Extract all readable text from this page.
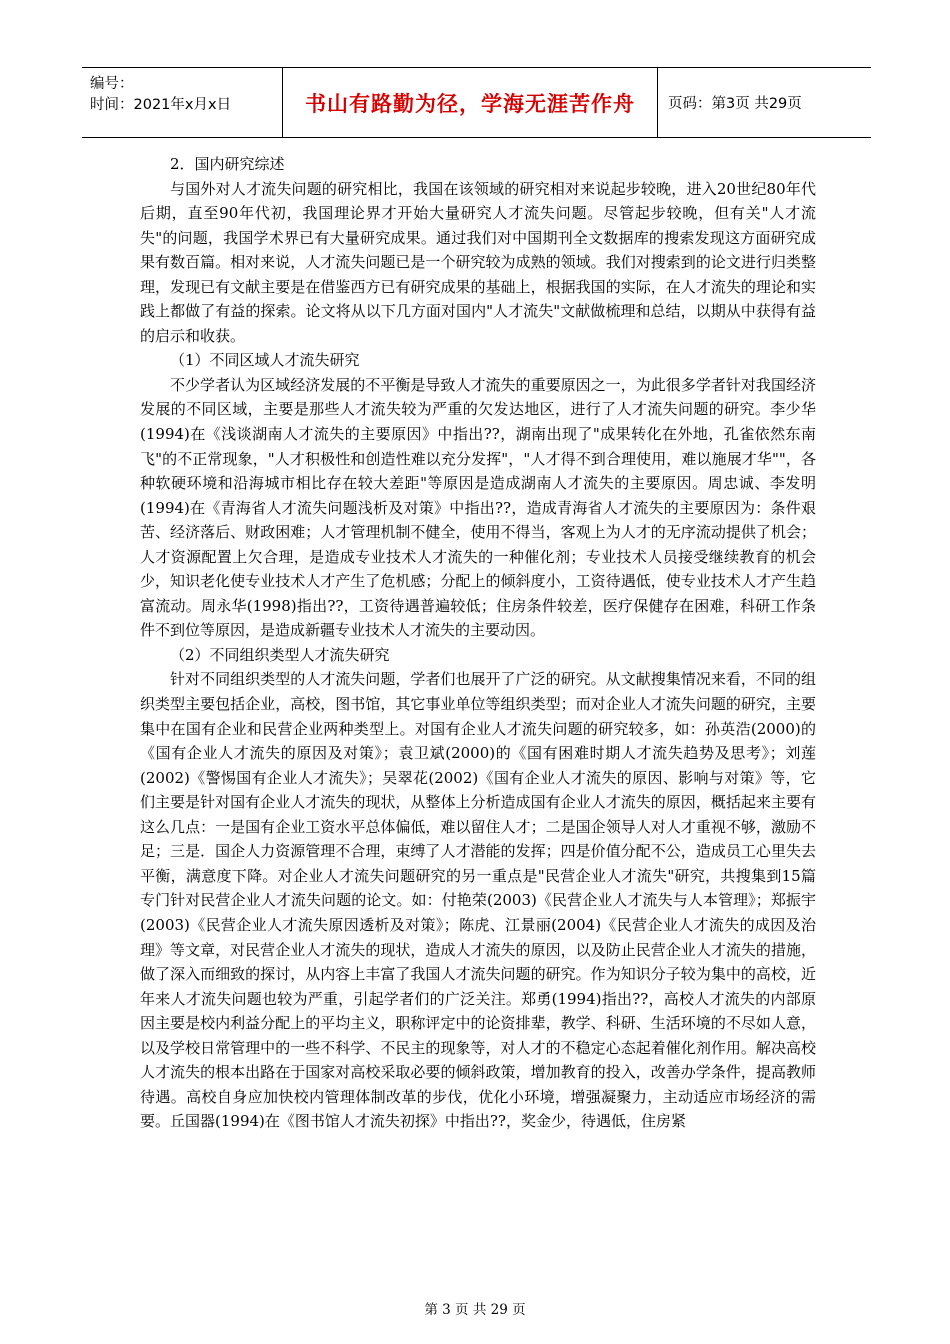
编号：
时间：2021年x月x日	书山有路勤为径，学海无涯苦作舟	页码：第3页 共29页

2．国内研究综述

与国外对人才流失问题的研究相比，我国在该领域的研究相对来说起步较晚，进入20世纪80年代后期，直至90年代初，我国理论界才开始大量研究人才流失问题。尽管起步较晚，但有关"人才流失"的问题，我国学术界已有大量研究成果。通过我们对中国期刊全文数据库的搜索发现这方面研究成果有数百篇。相对来说，人才流失问题已是一个研究较为成熟的领域。我们对搜索到的论文进行归类整理，发现已有文献主要是在借鉴西方已有研究成果的基础上，根据我国的实际，在人才流失的理论和实践上都做了有益的探索。论文将从以下几方面对国内"人才流失"文献做梳理和总结，以期从中获得有益的启示和收获。

（1）不同区域人才流失研究

不少学者认为区域经济发展的不平衡是导致人才流失的重要原因之一，为此很多学者针对我国经济发展的不同区域，主要是那些人才流失较为严重的欠发达地区，进行了人才流失问题的研究。李少华(1994)在《浅谈湖南人才流失的主要原因》中指出??，湖南出现了"成果转化在外地，孔雀依然东南飞"的不正常现象，"人才积极性和创造性难以充分发挥"，"人才得不到合理使用，难以施展才华""，各种软硬环境和沿海城市相比存在较大差距"等原因是造成湖南人才流失的主要原因。周忠诚、李发明(1994)在《青海省人才流失问题浅析及对策》中指出??，造成青海省人才流失的主要原因为：条件艰苦、经济落后、财政困难；人才管理机制不健全，使用不得当，客观上为人才的无序流动提供了机会；人才资源配置上欠合理，是造成专业技术人才流失的一种催化剂；专业技术人员接受继续教育的机会少，知识老化使专业技术人才产生了危机感；分配上的倾斜度小，工资待遇低，使专业技术人才产生趋富流动。周永华(1998)指出??，工资待遇普遍较低；住房条件较差，医疗保健存在困难，科研工作条件不到位等原因，是造成新疆专业技术人才流失的主要动因。

（2）不同组织类型人才流失研究

针对不同组织类型的人才流失问题，学者们也展开了广泛的研究。从文献搜集情况来看，不同的组织类型主要包括企业，高校，图书馆，其它事业单位等组织类型；而对企业人才流失问题的研究，主要集中在国有企业和民营企业两种类型上。对国有企业人才流失问题的研究较多，如：孙英浩(2000)的《国有企业人才流失的原因及对策》；袁卫斌(2000)的《国有困难时期人才流失趋势及思考》；刘莲(2002)《警惕国有企业人才流失》；吴翠花(2002)《国有企业人才流失的原因、影响与对策》等，它们主要是针对国有企业人才流失的现状，从整体上分析造成国有企业人才流失的原因，概括起来主要有这么几点：一是国有企业工资水平总体偏低，难以留住人才；二是国企领导人对人才重视不够，激励不足；三是．国企人力资源管理不合理，束缚了人才潜能的发挥；四是价值分配不公，造成员工心里失去平衡，满意度下降。对企业人才流失问题研究的另一重点是"民营企业人才流失"研究，共搜集到15篇专门针对民营企业人才流失问题的论文。如：付艳荣(2003)《民营企业人才流失与人本管理》；郑振宇(2003)《民营企业人才流失原因透析及对策》；陈虎、江景丽(2004)《民营企业人才流失的成因及治理》等文章，对民营企业人才流失的现状，造成人才流失的原因，以及防止民营企业人才流失的措施，做了深入而细致的探讨，从内容上丰富了我国人才流失问题的研究。作为知识分子较为集中的高校，近年来人才流失问题也较为严重，引起学者们的广泛关注。郑勇(1994)指出??，高校人才流失的内部原因主要是校内利益分配上的平均主义，职称评定中的论资排辈，教学、科研、生活环境的不尽如人意，以及学校日常管理中的一些不科学、不民主的现象等，对人才的不稳定心态起着催化剂作用。解决高校人才流失的根本出路在于国家对高校采取必要的倾斜政策，增加教育的投入，改善办学条件，提高教师待遇。高校自身应加快校内管理体制改革的步伐，优化小环境，增强凝聚力，主动适应市场经济的需要。丘国器(1994)在《图书馆人才流失初探》中指出??，奖金少，待遇低，住房紧

第 3 页 共 29 页
